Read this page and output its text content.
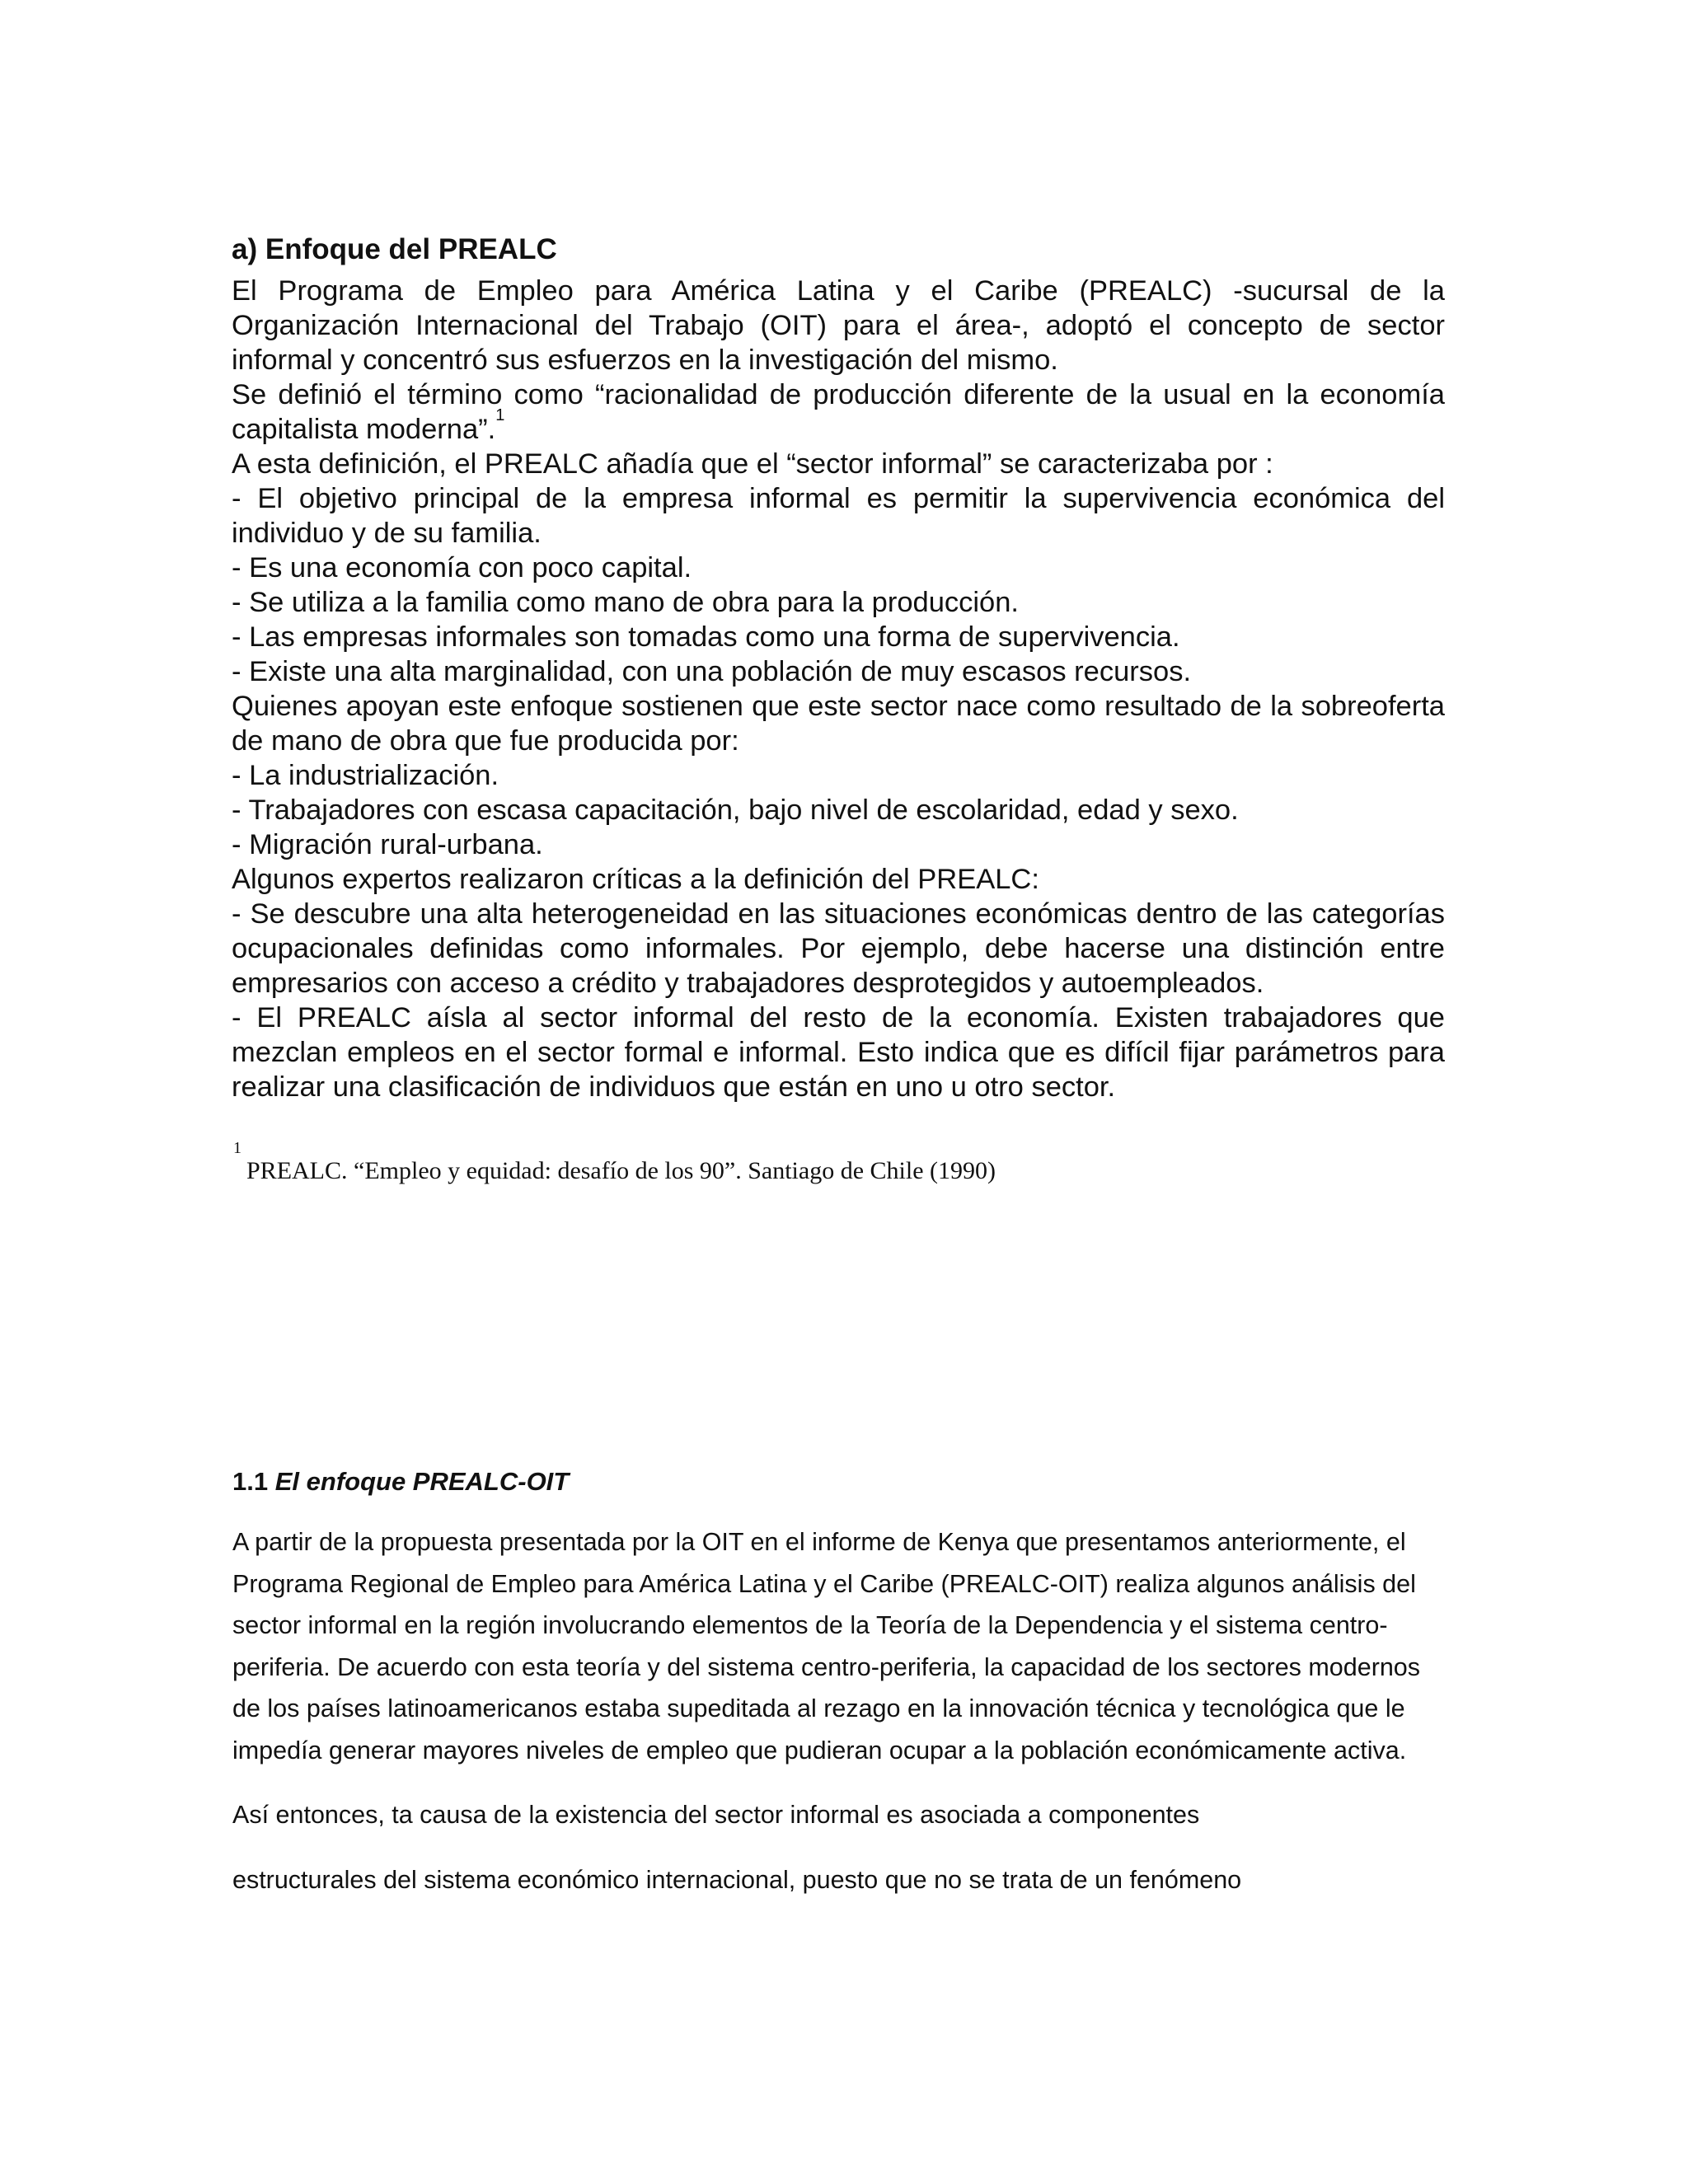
a) Enfoque del PREALC

El Programa de Empleo para América Latina y el Caribe (PREALC) -sucursal de la Organización Internacional del Trabajo (OIT) para el área-, adoptó el concepto de sector informal y concentró sus esfuerzos en la investigación del mismo.

Se definió el término como “racionalidad de producción diferente de la usual en la economía capitalista moderna”.$^1$

A esta definición, el PREALC añadía que el “sector informal” se caracterizaba por :

- El objetivo principal de la empresa informal es permitir la supervivencia económica del individuo y de su familia.

- Es una economía con poco capital.

- Se utiliza a la familia como mano de obra para la producción.

- Las empresas informales son tomadas como una forma de supervivencia.

- Existe una alta marginalidad, con una población de muy escasos recursos.

Quienes apoyan este enfoque sostienen que este sector nace como resultado de la sobreoferta de mano de obra que fue producida por:

- La industrialización.

- Trabajadores con escasa capacitación, bajo nivel de escolaridad, edad y sexo.

- Migración rural-urbana.

Algunos expertos realizaron críticas a la definición del PREALC:

- Se descubre una alta heterogeneidad en las situaciones económicas dentro de las categorías ocupacionales definidas como informales. Por ejemplo, debe hacerse una distinción entre empresarios con acceso a crédito y trabajadores desprotegidos y autoempleados.

- El PREALC aísla al sector informal del resto de la economía. Existen trabajadores que mezclan empleos en el sector formal e informal. Esto indica que es difícil fijar parámetros para realizar una clasificación de individuos que están en uno u otro sector.

1
PREALC. “Empleo y equidad: desafío de los 90”. Santiago de Chile (1990)
1.1 El enfoque PREALC-OIT

A partir de la propuesta presentada por la OIT en el informe de Kenya que presentamos anteriormente, el Programa Regional de Empleo para América Latina y el Caribe (PREALC-OIT) realiza algunos análisis del sector informal en la región involucrando elementos de la Teoría de la Dependencia y el sistema centro-periferia. De acuerdo con esta teoría y del sistema centro-periferia, la capacidad de los sectores modernos de los países latinoamericanos estaba supeditada al rezago en la innovación técnica y tecnológica que le impedía generar mayores niveles de empleo que pudieran ocupar a la población económicamente activa.

Así entonces, ta causa de la existencia del sector informal es asociada a componentes

estructurales del sistema económico internacional, puesto que no se trata de un fenómeno
